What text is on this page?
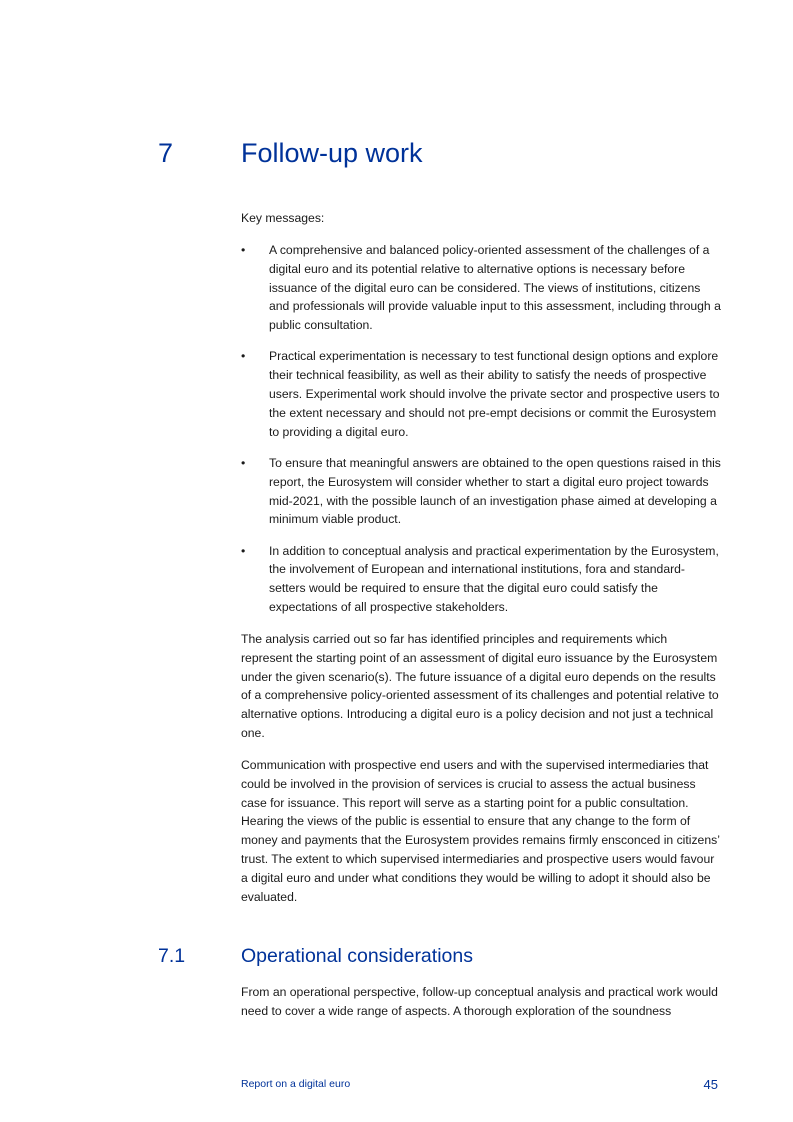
7	Follow-up work
Key messages:
• A comprehensive and balanced policy-oriented assessment of the challenges of a digital euro and its potential relative to alternative options is necessary before issuance of the digital euro can be considered. The views of institutions, citizens and professionals will provide valuable input to this assessment, including through a public consultation.
• Practical experimentation is necessary to test functional design options and explore their technical feasibility, as well as their ability to satisfy the needs of prospective users. Experimental work should involve the private sector and prospective users to the extent necessary and should not pre-empt decisions or commit the Eurosystem to providing a digital euro.
• To ensure that meaningful answers are obtained to the open questions raised in this report, the Eurosystem will consider whether to start a digital euro project towards mid-2021, with the possible launch of an investigation phase aimed at developing a minimum viable product.
• In addition to conceptual analysis and practical experimentation by the Eurosystem, the involvement of European and international institutions, fora and standard-setters would be required to ensure that the digital euro could satisfy the expectations of all prospective stakeholders.

The analysis carried out so far has identified principles and requirements which represent the starting point of an assessment of digital euro issuance by the Eurosystem under the given scenario(s). The future issuance of a digital euro depends on the results of a comprehensive policy-oriented assessment of its challenges and potential relative to alternative options. Introducing a digital euro is a policy decision and not just a technical one.

Communication with prospective end users and with the supervised intermediaries that could be involved in the provision of services is crucial to assess the actual business case for issuance. This report will serve as a starting point for a public consultation. Hearing the views of the public is essential to ensure that any change to the form of money and payments that the Eurosystem provides remains firmly ensconced in citizens’ trust. The extent to which supervised intermediaries and prospective users would favour a digital euro and under what conditions they would be willing to adopt it should also be evaluated.

7.1	Operational considerations

From an operational perspective, follow-up conceptual analysis and practical work would need to cover a wide range of aspects. A thorough exploration of the soundness

Report on a digital euro	45
